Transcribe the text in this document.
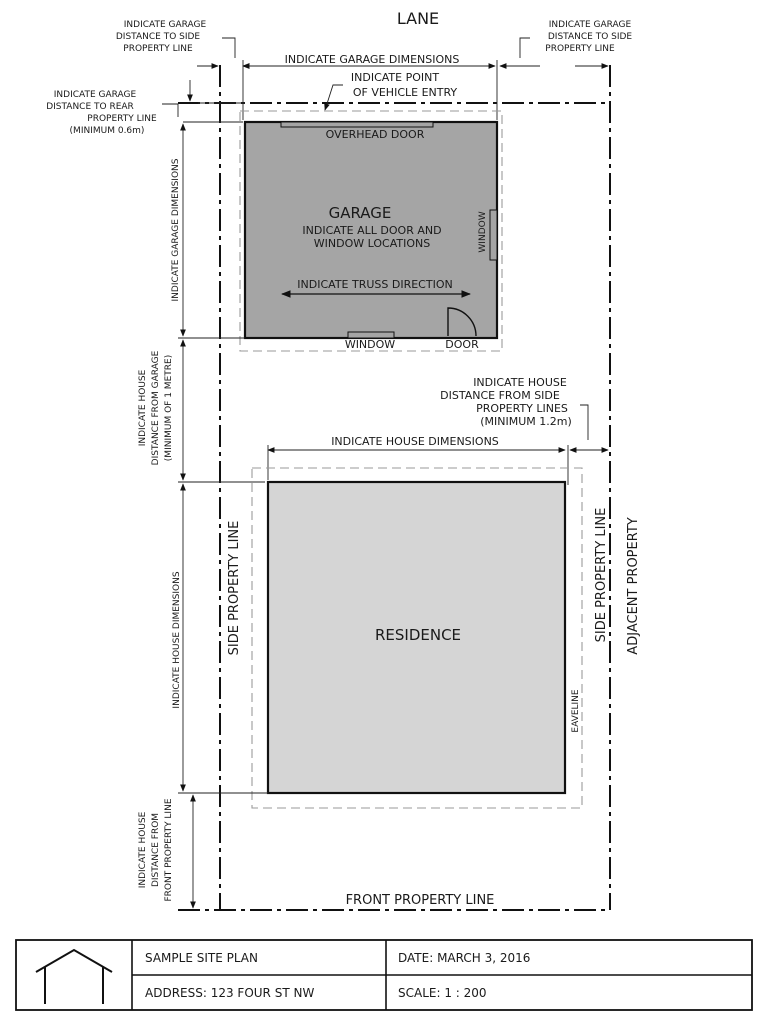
LANE
INDICATE GARAGE
DISTANCE TO SIDE
PROPERTY LINE
INDICATE GARAGE DIMENSIONS
INDICATE GARAGE
DISTANCE TO SIDE
PROPERTY LINE
INDICATE POINT
OF VEHICLE ENTRY
INDICATE GARAGE
DISTANCE TO REAR
PROPERTY LINE
(MINIMUM 0.6m)	OVERHEAD DOOR
GARAGE
INDICATE ALL DOOR AND
WINDOW LOCATIONS	WINDOW
INDICATE TRUSS DIRECTION
WINDOW	DOOR
INDICATE GARAGE DIMENSIONS
INDICATE HOUSE DISTANCE FROM GARAGE (MINIMUM OF 1 METRE)	INDICATE HOUSE
DISTANCE FROM SIDE
PROPERTY LINES
(MINIMUM 1.2m)
INDICATE HOUSE DIMENSIONS
RESIDENCE
EAVELINE
SIDE PROPERTY LINE	SIDE PROPERTY LINE ADJACENT PROPERTY
INDICATE HOUSE DIMENSIONS
INDICATE HOUSE DISTANCE FROM FRONT PROPERTY LINE	FRONT PROPERTY LINE
SAMPLE SITE PLAN	DATE: MARCH 3, 2016
ADDRESS: 123 FOUR ST NW	SCALE: 1 : 200
